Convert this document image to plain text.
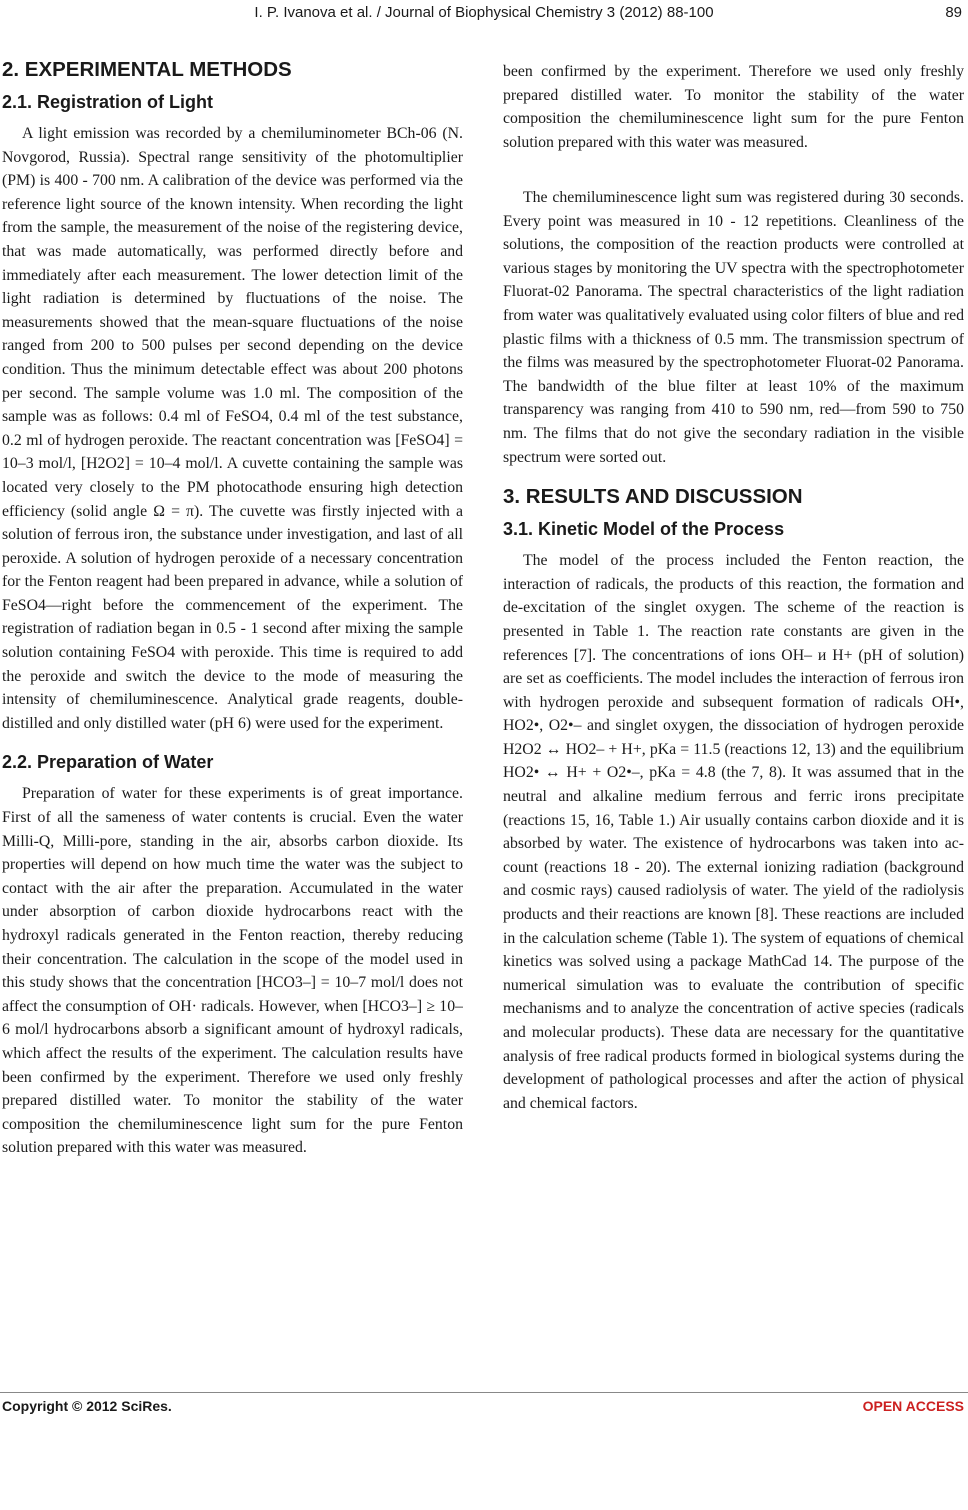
I. P. Ivanova et al. / Journal of Biophysical Chemistry 3 (2012) 88-100	89
2. EXPERIMENTAL METHODS
2.1. Registration of Light

A light emission was recorded by a chemiluminometer BCh-06 (N. Novgorod, Russia). Spectral range sensitivity of the photomultiplier (PM) is 400 - 700 nm. A calibration of the device was performed via the reference light source of the known intensity. When recording the light from the sample, the measurement of the noise of the registering device, that was made automatically, was performed directly before and immediately after each measurement. The lower detection limit of the light radiation is determined by fluctuations of the noise. The measurements showed that the mean-square fluctuations of the noise ranged from 200 to 500 pulses per second depending on the device condition. Thus the minimum detectable effect was about 200 photons per second. The sample volume was 1.0 ml. The composition of the sample was as follows: 0.4 ml of FeSO4, 0.4 ml of the test substance, 0.2 ml of hydrogen peroxide. The reactant concentration was [FeSO4] = 10–3 mol/l, [H2O2] = 10–4 mol/l. A cuvette containing the sample was located very closely to the PM photocathode ensuring high detection efficiency (solid angle Ω = π). The cuvette was firstly injected with a solution of ferrous iron, the substance under investigation, and last of all peroxide. A solution of hydrogen peroxide of a necessary concentration for the Fenton reagent had been prepared in advance, while a solution of FeSO4—right before the commencement of the experiment. The registration of radiation began in 0.5 - 1 second after mixing the sample solution containing FeSO4 with peroxide. This time is required to add the peroxide and switch the device to the mode of measuring the intensity of chemiluminescence. Analytical grade reagents, double-distilled and only distilled water (pH 6) were used for the experiment.

2.2. Preparation of Water

Preparation of water for these experiments is of great importance. First of all the sameness of water contents is crucial. Even the water Milli-Q, Milli-pore, standing in the air, absorbs carbon dioxide. Its properties will depend on how much time the water was the subject to contact with the air after the preparation. Accumulated in the water under absorption of carbon dioxide hydrocarbons react with the hydroxyl radicals generated in the Fenton reaction, thereby reducing their concentration. The calculation in the scope of the model used in this study shows that the concentration [HCO3–] = 10–7 mol/l does not affect the consumption of OH· radicals. However, when [HCO3–] ≥ 10–6 mol/l hydrocarbons absorb a significant amount of hydroxyl radicals, which affect the results of the experiment. The calculation results have been confirmed by the experiment. Therefore we used only freshly prepared distilled water. To monitor the stability of the water composition the chemiluminescence light sum for the pure Fenton solution prepared with this water was measured.

been confirmed by the experiment. Therefore we used only freshly prepared distilled water. To monitor the stability of the water composition the chemiluminescence light sum for the pure Fenton solution prepared with this water was measured.

The chemiluminescence light sum was registered during 30 seconds. Every point was measured in 10 - 12 repetitions. Cleanliness of the solutions, the composition of the reaction products were controlled at various stages by monitoring the UV spectra with the spectrophotometer Fluorat-02 Panorama. The spectral characteristics of the light radiation from water was qualitatively evaluated using color filters of blue and red plastic films with a thickness of 0.5 mm. The transmission spectrum of the films was measured by the spectrophotometer Fluorat-02 Panorama. The bandwidth of the blue filter at least 10% of the maximum transparency was ranging from 410 to 590 nm, red—from 590 to 750 nm. The films that do not give the secondary radiation in the visible spectrum were sorted out.

3. RESULTS AND DISCUSSION
3.1. Kinetic Model of the Process

The model of the process included the Fenton reaction, the interaction of radicals, the products of this reaction, the formation and de-excitation of the singlet oxygen. The scheme of the reaction is presented in Table 1. The reaction rate constants are given in the references [7]. The concentrations of ions OH– и H+ (pH of solution) are set as coefficients. The model includes the interaction of ferrous iron with hydrogen peroxide and subsequent formation of radicals OH•, HO2•, O2•– and singlet oxygen, the dissociation of hydrogen peroxide H2O2 ↔ HO2– + H+, pKa = 11.5 (reactions 12, 13) and the equilibrium HO2• ↔ H+ + O2•–, pKa = 4.8 (the 7, 8). It was assumed that in the neutral and alkaline medium ferrous and ferric irons precipitate (reactions 15, 16, Table 1.) Air usually contains carbon dioxide and it is absorbed by water. The existence of hydrocarbons was taken into account (reactions 18 - 20). The external ionizing radiation (background and cosmic rays) caused radiolysis of water. The yield of the radiolysis products and their reactions are known [8]. These reactions are included in the calculation scheme (Table 1). The system of equations of chemical kinetics was solved using a package MathCad 14. The purpose of the numerical simulation was to evaluate the contribution of specific mechanisms and to analyze the concentration of active species (radicals and molecular products). These data are necessary for the quantitative analysis of free radical products formed in biological systems during the development of pathological processes and after the action of physical and chemical factors.

Copyright © 2012 SciRes.	OPEN ACCESS
